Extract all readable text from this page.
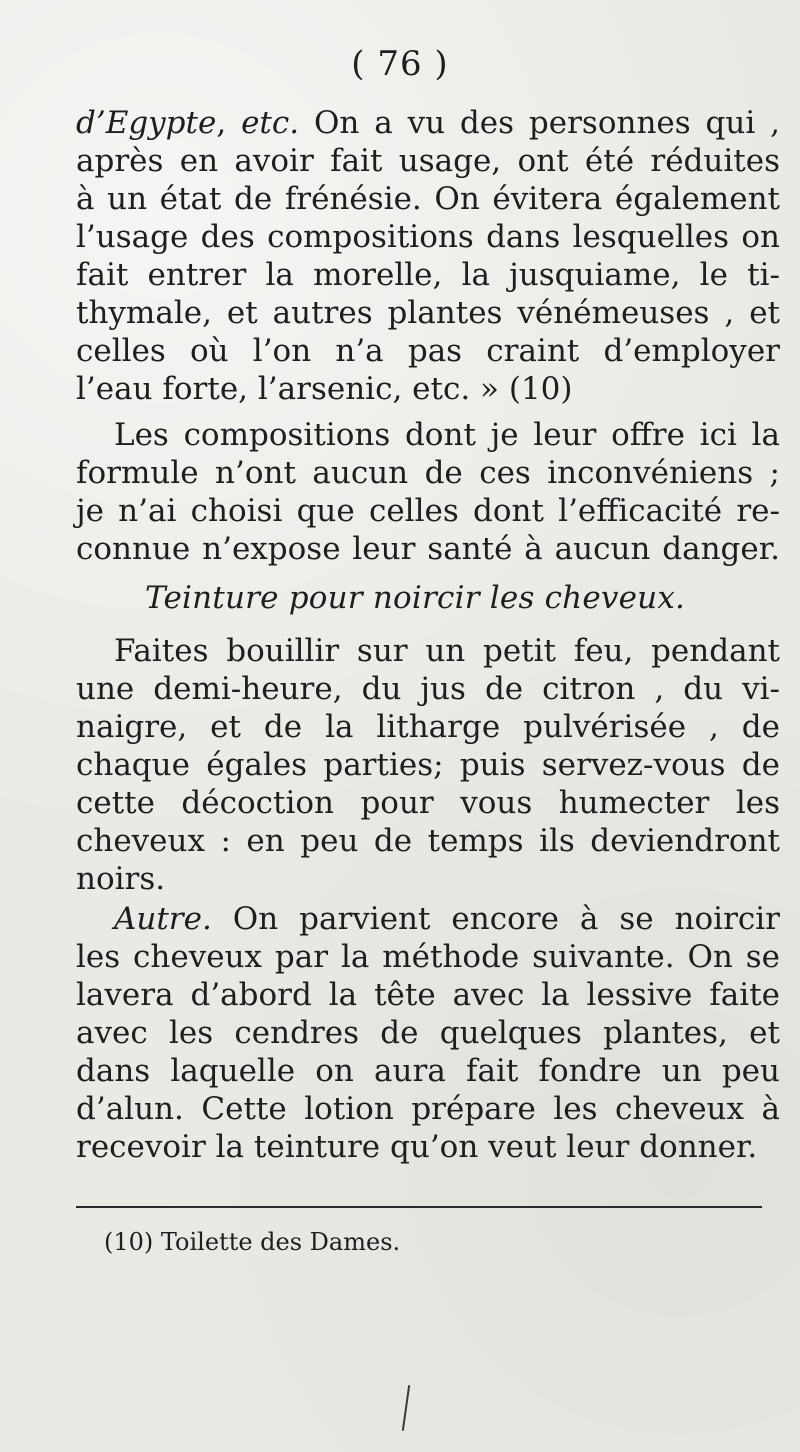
( 76 )
d’Egypte, etc. On a vu des personnes qui ,
après en avoir fait usage, ont été réduites
à un état de frénésie. On évitera également
l’usage des compositions dans lesquelles on
fait entrer la morelle, la jusquiame, le ti-
thymale, et autres plantes vénémeuses , et
celles où l’on n’a pas craint d’employer
l’eau forte, l’arsenic, etc. » (10)
Les compositions dont je leur offre ici la
formule n’ont aucun de ces inconvéniens ;
je n’ai choisi que celles dont l’efficacité re-
connue n’expose leur santé à aucun danger.
Teinture pour noircir les cheveux.
Faites bouillir sur un petit feu, pendant
une demi-heure, du jus de citron , du vi-
naigre, et de la litharge pulvérisée , de
chaque égales parties; puis servez-vous de
cette décoction pour vous humecter les
cheveux : en peu de temps ils deviendront
noirs.
Autre. On parvient encore à se noircir
les cheveux par la méthode suivante. On se
lavera d’abord la tête avec la lessive faite
avec les cendres de quelques plantes, et
dans laquelle on aura fait fondre un peu
d’alun. Cette lotion prépare les cheveux à
recevoir la teinture qu’on veut leur donner.
(10) Toilette des Dames.
